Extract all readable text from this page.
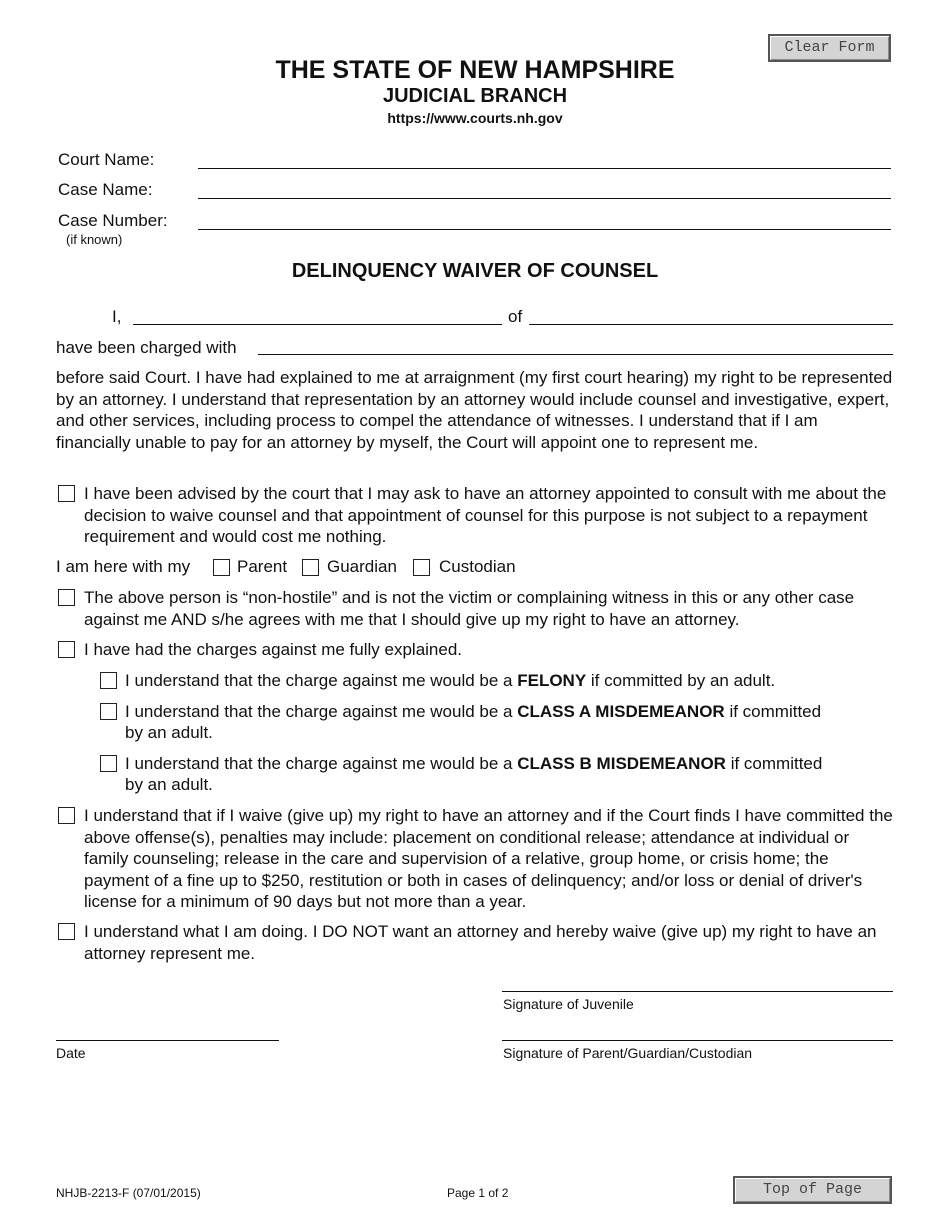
Clear Form
THE STATE OF NEW HAMPSHIRE
JUDICIAL BRANCH
https://www.courts.nh.gov
Court Name:
Case Name:
Case Number:
(if known)
DELINQUENCY WAIVER OF COUNSEL
I,	of
have been charged with
before said Court. I have had explained to me at arraignment (my first court hearing) my right to be represented by an attorney. I understand that representation by an attorney would include counsel and investigative, expert, and other services, including process to compel the attendance of witnesses. I understand that if I am financially unable to pay for an attorney by myself, the Court will appoint one to represent me.
I have been advised by the court that I may ask to have an attorney appointed to consult with me about the decision to waive counsel and that appointment of counsel for this purpose is not subject to a repayment requirement and would cost me nothing.
I am here with my	Parent Guardian Custodian
The above person is “non-hostile” and is not the victim or complaining witness in this or any other case against me AND s/he agrees with me that I should give up my right to have an attorney.
I have had the charges against me fully explained.
I understand that the charge against me would be a FELONY if committed by an adult.
I understand that the charge against me would be a CLASS A MISDEMEANOR if committed
by an adult.
I understand that the charge against me would be a CLASS B MISDEMEANOR if committed
by an adult.
I understand that if I waive (give up) my right to have an attorney and if the Court finds I have committed the above offense(s), penalties may include: placement on conditional release; attendance at individual or family counseling; release in the care and supervision of a relative, group home, or crisis home; the payment of a fine up to $250, restitution or both in cases of delinquency; and/or loss or denial of driver's license for a minimum of 90 days but not more than a year.
I understand what I am doing. I DO NOT want an attorney and hereby waive (give up) my right to have an attorney represent me.
Signature of Juvenile
Date	Signature of Parent/Guardian/Custodian
NHJB-2213-F (07/01/2015)	Page 1 of 2	Top of Page
